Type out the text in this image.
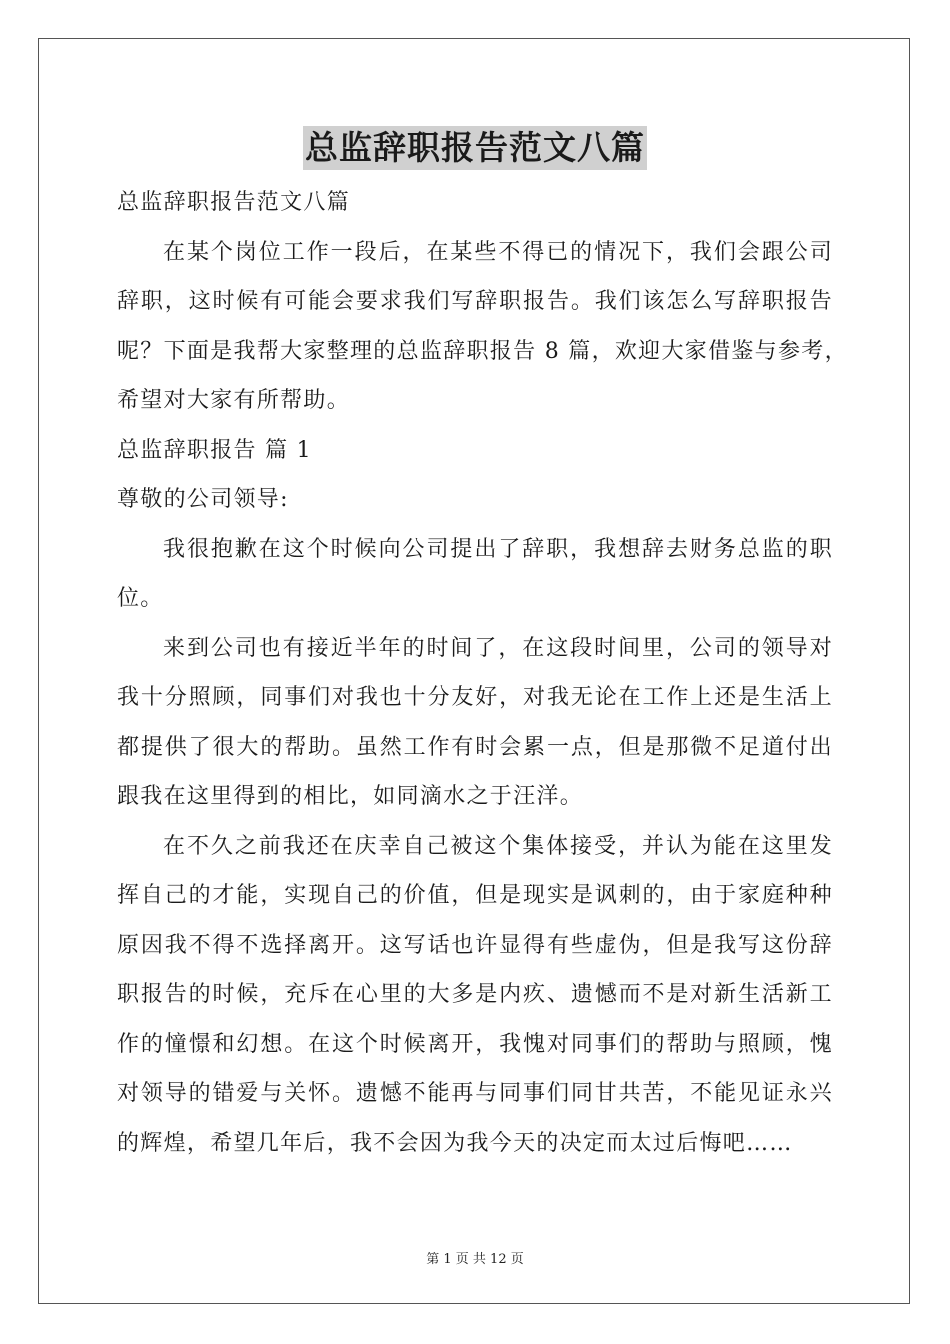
总监辞职报告范文八篇
总监辞职报告范文八篇
在某个岗位工作一段后，在某些不得已的情况下，我们会跟公司
辞职，这时候有可能会要求我们写辞职报告。我们该怎么写辞职报告
呢？下面是我帮大家整理的总监辞职报告 8 篇，欢迎大家借鉴与参考，
希望对大家有所帮助。
总监辞职报告 篇 1
尊敬的公司领导:
我很抱歉在这个时候向公司提出了辞职，我想辞去财务总监的职
位。
来到公司也有接近半年的时间了，在这段时间里，公司的领导对
我十分照顾，同事们对我也十分友好，对我无论在工作上还是生活上
都提供了很大的帮助。虽然工作有时会累一点，但是那微不足道付出
跟我在这里得到的相比，如同滴水之于汪洋。
在不久之前我还在庆幸自己被这个集体接受，并认为能在这里发
挥自己的才能，实现自己的价值，但是现实是讽刺的，由于家庭种种
原因我不得不选择离开。这写话也许显得有些虚伪，但是我写这份辞
职报告的时候，充斥在心里的大多是内疚、遗憾而不是对新生活新工
作的憧憬和幻想。在这个时候离开，我愧对同事们的帮助与照顾，愧
对领导的错爱与关怀。遗憾不能再与同事们同甘共苦，不能见证永兴
的辉煌，希望几年后，我不会因为我今天的决定而太过后悔吧……
第 1 页 共 12 页
